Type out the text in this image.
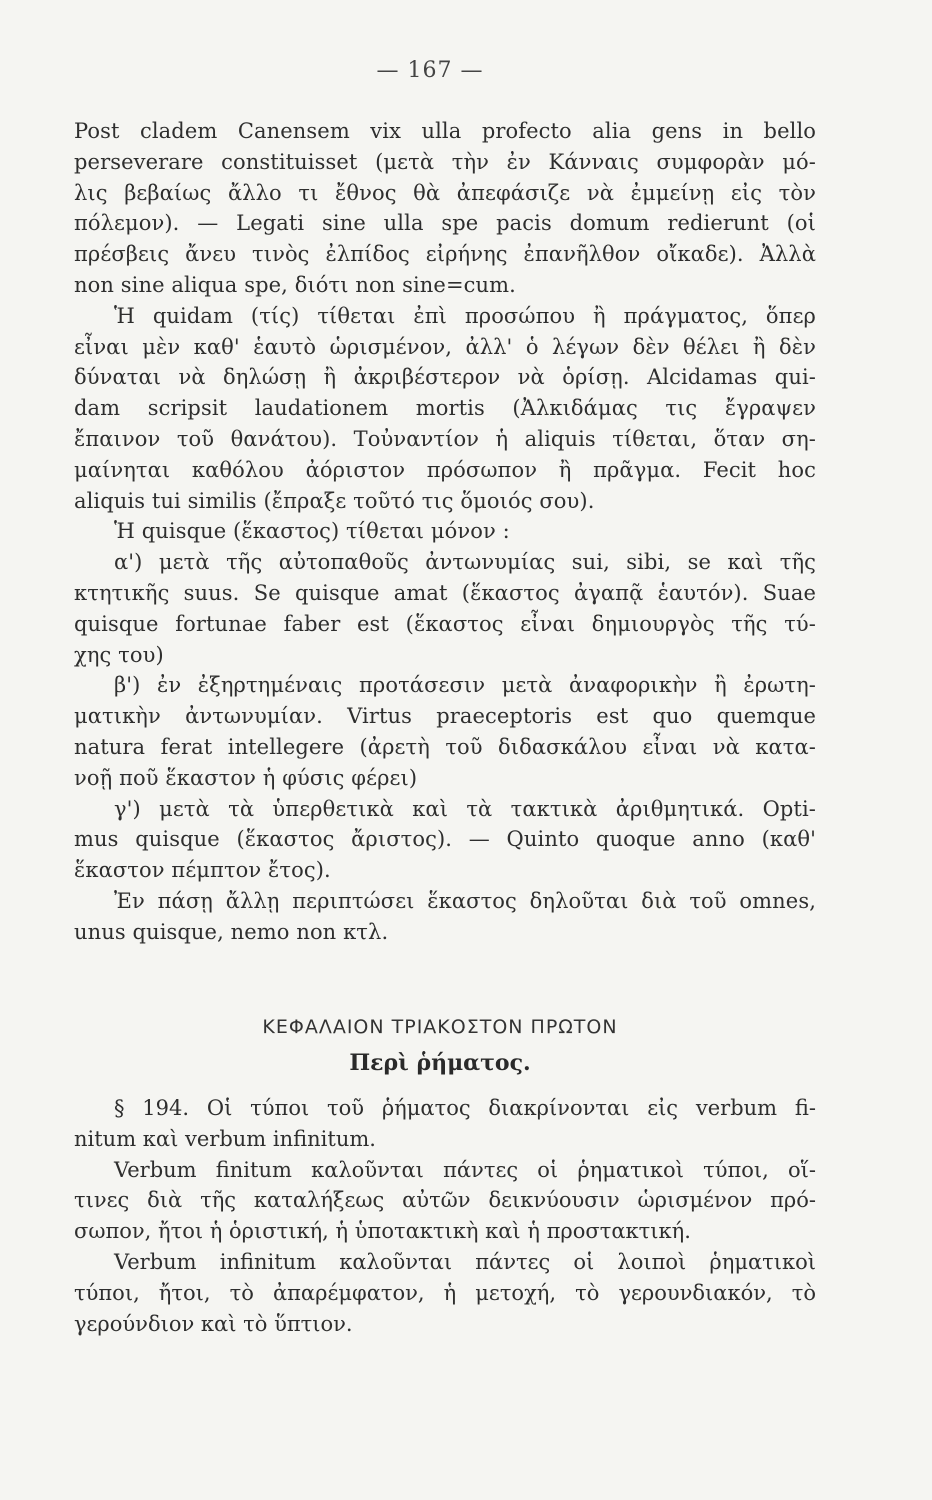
— 167 —
Post cladem Canensem vix ulla profecto alia gens in bello
perseverare constituisset (μετὰ τὴν ἐν Κάνναις συμφορὰν μό-
λις βεβαίως ἄλλο τι ἔθνος θὰ ἀπεφάσιζε νὰ ἐμμείνῃ εἰς τὸν
πόλεμον). — Legati sine ulla spe pacis domum redierunt (οἱ
πρέσβεις ἄνευ τινὸς ἐλπίδος εἰρήνης ἐπανῆλθον οἴκαδε). Ἀλλὰ
non sine aliqua spe, διότι non sine=cum.
Ἡ quidam (τίς) τίθεται ἐπὶ προσώπου ἢ πράγματος, ὅπερ
εἶναι μὲν καθ' ἑαυτὸ ὡρισμένον, ἀλλ' ὁ λέγων δὲν θέλει ἢ δὲν
δύναται νὰ δηλώσῃ ἢ ἀκριβέστερον νὰ ὁρίσῃ. Alcidamas qui-
dam scripsit laudationem mortis (Ἀλκιδάμας τις ἔγραψεν
ἔπαινον τοῦ θανάτου). Τοὐναντίον ἡ aliquis τίθεται, ὅταν ση-
μαίνηται καθόλου ἀόριστον πρόσωπον ἢ πρᾶγμα. Fecit hoc
aliquis tui similis (ἔπραξε τοῦτό τις ὅμοιός σου).
Ἡ quisque (ἕκαστος) τίθεται μόνον :
α') μετὰ τῆς αὐτοπαθοῦς ἀντωνυμίας sui, sibi, se καὶ τῆς
κτητικῆς suus. Se quisque amat (ἕκαστος ἀγαπᾷ ἑαυτόν). Suae
quisque fortunae faber est (ἕκαστος εἶναι δημιουργὸς τῆς τύ-
χης του)
β') ἐν ἐξηρτημέναις προτάσεσιν μετὰ ἀναφορικὴν ἢ ἐρωτη-
ματικὴν ἀντωνυμίαν. Virtus praeceptoris est quo quemque
natura ferat intellegere (ἀρετὴ τοῦ διδασκάλου εἶναι νὰ κατα-
νοῇ ποῦ ἕκαστον ἡ φύσις φέρει)
γ') μετὰ τὰ ὑπερθετικὰ καὶ τὰ τακτικὰ ἀριθμητικά. Opti-
mus quisque (ἕκαστος ἄριστος). — Quinto quoque anno (καθ'
ἕκαστον πέμπτον ἔτος).
Ἐν πάσῃ ἄλλῃ περιπτώσει ἕκαστος δηλοῦται διὰ τοῦ omnes,
unus quisque, nemo non κτλ.
ΚΕΦΑΛΑΙΟΝ ΤΡΙΑΚΟΣΤΟΝ ΠΡΩΤΟΝ
Περὶ ῥήματος.
§ 194. Οἱ τύποι τοῦ ῥήματος διακρίνονται εἰς verbum fi-
nitum καὶ verbum infinitum.
Verbum finitum καλοῦνται πάντες οἱ ῥηματικοὶ τύποι, οἵ-
τινες διὰ τῆς καταλήξεως αὐτῶν δεικνύουσιν ὡρισμένον πρό-
σωπον, ἤτοι ἡ ὁριστική, ἡ ὑποτακτικὴ καὶ ἡ προστακτική.
Verbum infinitum καλοῦνται πάντες οἱ λοιποὶ ῥηματικοὶ
τύποι, ἤτοι, τὸ ἀπαρέμφατον, ἡ μετοχή, τὸ γερουνδιακόν, τὸ
γερούνδιον καὶ τὸ ὕπτιον.
